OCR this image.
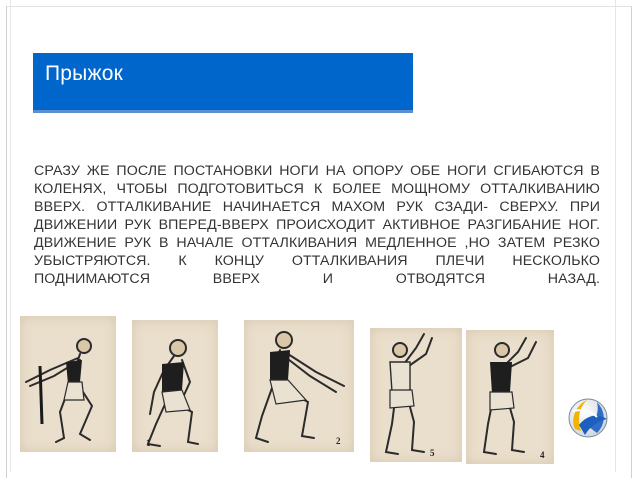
Прыжок
СРАЗУ ЖЕ ПОСЛЕ ПОСТАНОВКИ НОГИ НА ОПОРУ ОБЕ НОГИ СГИБАЮТСЯ В КОЛЕНЯХ, ЧТОБЫ ПОДГОТОВИТЬСЯ К БОЛЕЕ МОЩНОМУ ОТТАЛКИВАНИЮ ВВЕРХ. ОТТАЛКИВАНИЕ НАЧИНАЕТСЯ МАХОМ РУК СЗАДИ- СВЕРХУ. ПРИ ДВИЖЕНИИ РУК ВПЕРЕД-ВВЕРХ ПРОИСХОДИТ АКТИВНОЕ РАЗГИБАНИЕ НОГ. ДВИЖЕНИЕ РУК В НАЧАЛЕ ОТТАЛКИВАНИЯ МЕДЛЕННОЕ ,НО ЗАТЕМ РЕЗКО УБЫСТРЯЮТСЯ. К КОНЦУ ОТТАЛКИВАНИЯ ПЛЕЧИ НЕСКОЛЬКО ПОДНИМАЮТСЯ ВВЕРХ И ОТВОДЯТСЯ НАЗАД.
1	2
5	4
